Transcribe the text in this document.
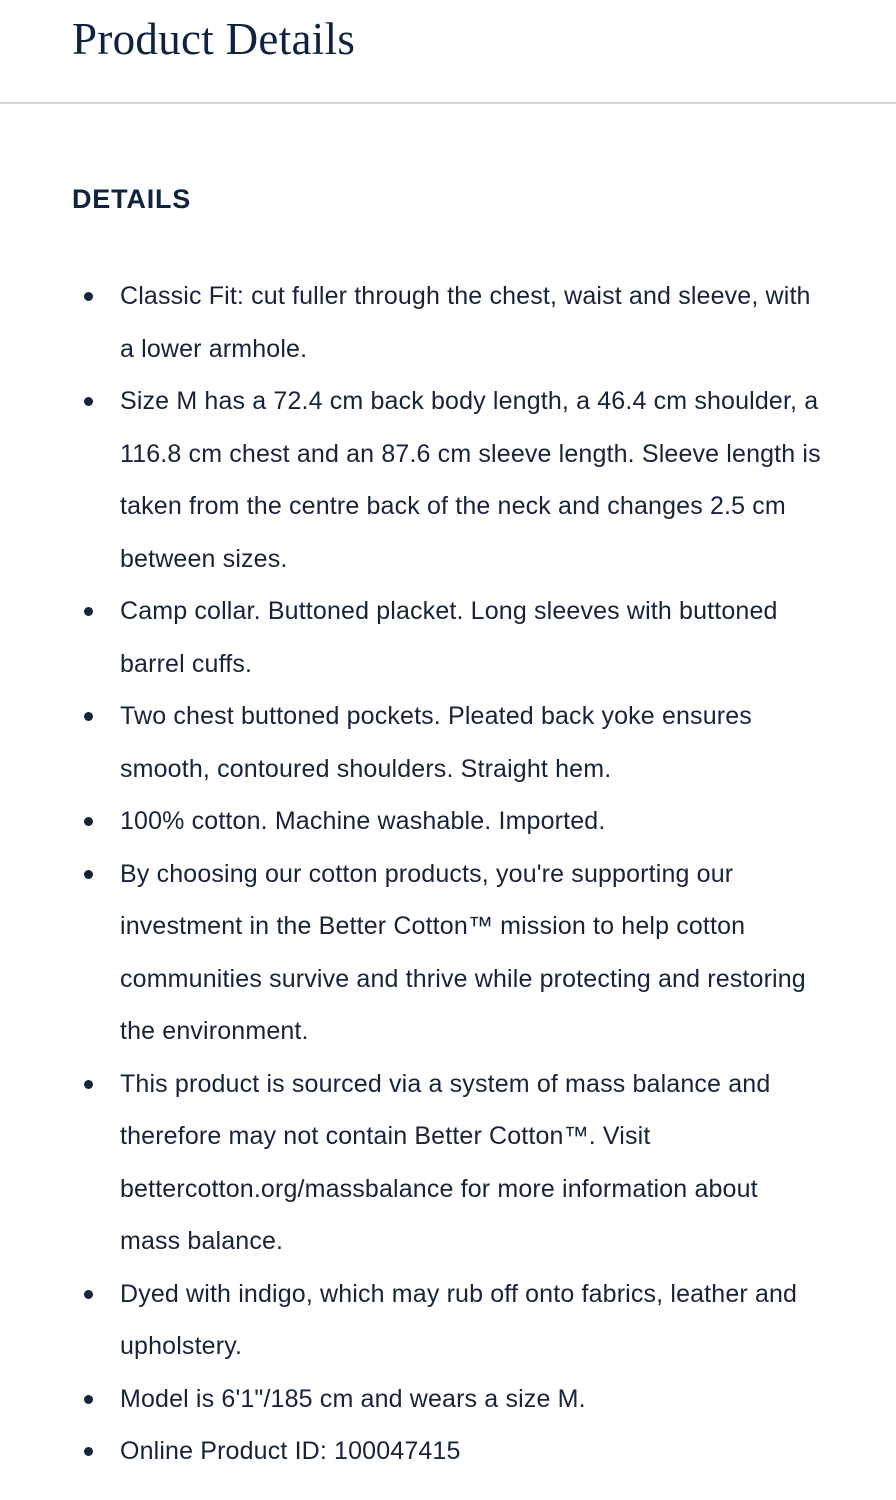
Product Details
DETAILS
Classic Fit: cut fuller through the chest, waist and sleeve, with a lower armhole.
Size M has a 72.4 cm back body length, a 46.4 cm shoulder, a 116.8 cm chest and an 87.6 cm sleeve length. Sleeve length is taken from the centre back of the neck and changes 2.5 cm between sizes.
Camp collar. Buttoned placket. Long sleeves with buttoned barrel cuffs.
Two chest buttoned pockets. Pleated back yoke ensures smooth, contoured shoulders. Straight hem.
100% cotton. Machine washable. Imported.
By choosing our cotton products, you're supporting our investment in the Better Cotton™ mission to help cotton communities survive and thrive while protecting and restoring the environment.
This product is sourced via a system of mass balance and therefore may not contain Better Cotton™. Visit bettercotton.org/massbalance for more information about mass balance.
Dyed with indigo, which may rub off onto fabrics, leather and upholstery.
Model is 6'1"/185 cm and wears a size M.
Online Product ID: 100047415
